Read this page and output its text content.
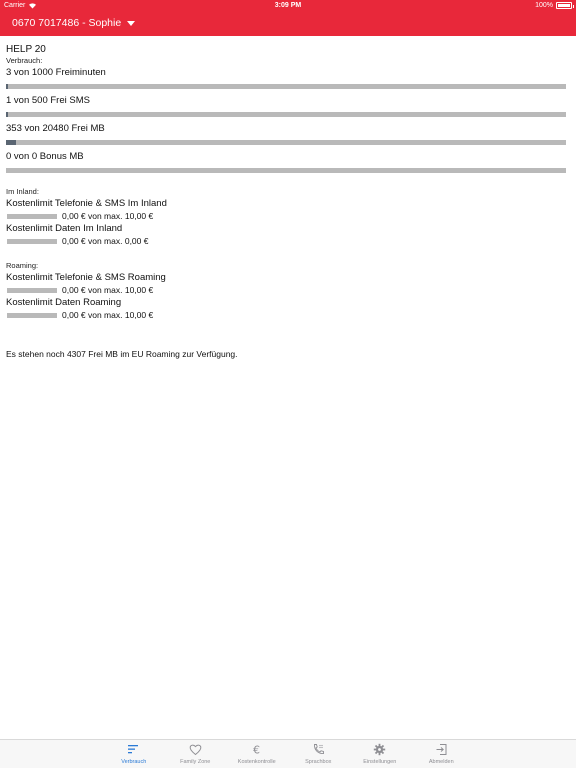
Carrier	3:09 PM	100%
0670 7017486 - Sophie
HELP 20
Verbrauch:
3 von 1000 Freiminuten
1 von 500 Frei SMS
353 von 20480 Frei MB
0 von 0 Bonus MB
Im Inland:
Kostenlimit Telefonie & SMS Im Inland
0,00 € von max. 10,00 €
Kostenlimit Daten Im Inland
0,00 € von max. 0,00 €
Roaming:
Kostenlimit Telefonie & SMS Roaming
0,00 € von max. 10,00 €
Kostenlimit Daten Roaming
0,00 € von max. 10,00 €
Es stehen noch 4307 Frei MB im EU Roaming zur Verfügung.
Verbrauch	Family Zone
€
Kostenkontrolle	Sprachbox	Einstellungen	Abmelden
